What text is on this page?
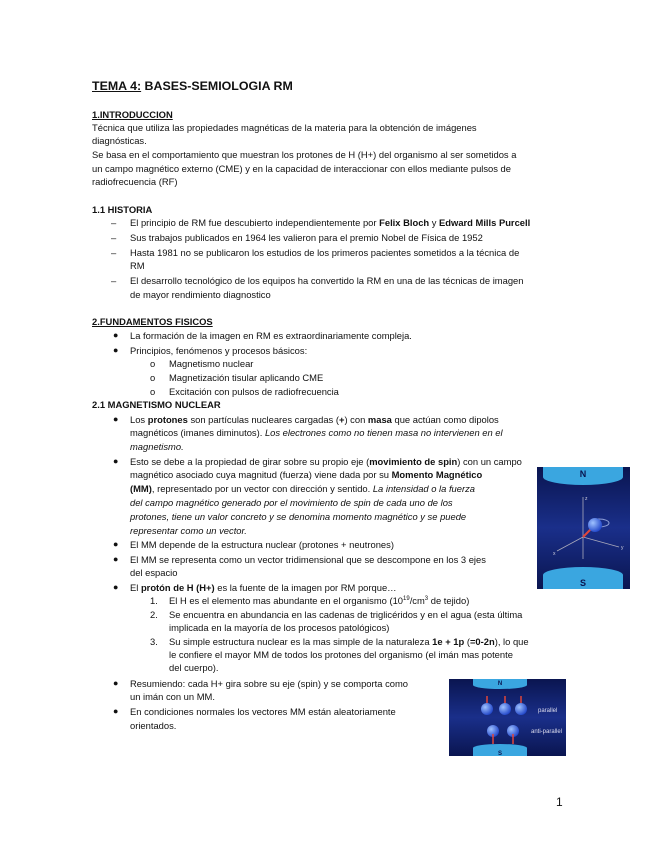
TEMA 4: BASES-SEMIOLOGIA RM
1.INTRODUCCION
Técnica que utiliza las propiedades magnéticas de la materia para la obtención de imágenes
diagnósticas.
Se basa en el comportamiento que muestran los protones de H (H+) del organismo al ser sometidos a
un campo magnético externo (CME) y en la capacidad de interaccionar con ellos mediante pulsos de
radiofrecuencia (RF)
1.1 HISTORIA
– El principio de RM fue descubierto independientemente por Felix Bloch y Edward Mills Purcell
– Sus trabajos publicados en 1964 les valieron para el premio Nobel de Física de 1952
– Hasta 1981 no se publicaron los estudios de los primeros pacientes sometidos a la técnica de
RM
– El desarrollo tecnológico de los equipos ha convertido la RM en una de las técnicas de imagen
de mayor rendimiento diagnostico
2.FUNDAMENTOS FISICOS
● La formación de la imagen en RM es extraordinariamente compleja.
● Principios, fenómenos y procesos básicos:
o Magnetismo nuclear
o Magnetización tisular aplicando CME
o Excitación con pulsos de radiofrecuencia
2.1 MAGNETISMO NUCLEAR
● Los protones son partículas nucleares cargadas (+) con masa que actúan como dipolos
magnéticos (imanes diminutos). Los electrones como no tienen masa no intervienen en el
magnetismo.
● Esto se debe a la propiedad de girar sobre su propio eje (movimiento de spin) con un campo
magnético asociado cuya magnitud (fuerza) viene dada por su Momento Magnético
(MM), representado por un vector con dirección y sentido. La intensidad o la fuerza
del campo magnético generado por el movimiento de spin de cada uno de los
protones, tiene un valor concreto y se denomina momento magnético y se puede
representar como un vector.
● El MM depende de la estructura nuclear (protones + neutrones)
● El MM se representa como un vector tridimensional que se descompone en los 3 ejes
del espacio
● El protón de H (H+) es la fuente de la imagen por RM porque…
1. El H es el elemento mas abundante en el organismo ($10^{19}/cm^3$ de tejido)
2. Se encuentra en abundancia en las cadenas de triglicéridos y en el agua (esta última
implicada en la mayoría de los procesos patológicos)
3. Su simple estructura nuclear es la mas simple de la naturaleza 1e + 1p (=0-2n), lo que
le confiere el mayor MM de todos los protones del organismo (el imán mas potente
del cuerpo).
● Resumiendo: cada H+ gira sobre su eje (spin) y se comporta como
un imán con un MM.
● En condiciones normales los vectores MM están aleatoriamente
orientados.
N
S
z
y
x
N
S
parallel
anti-parallel
1
